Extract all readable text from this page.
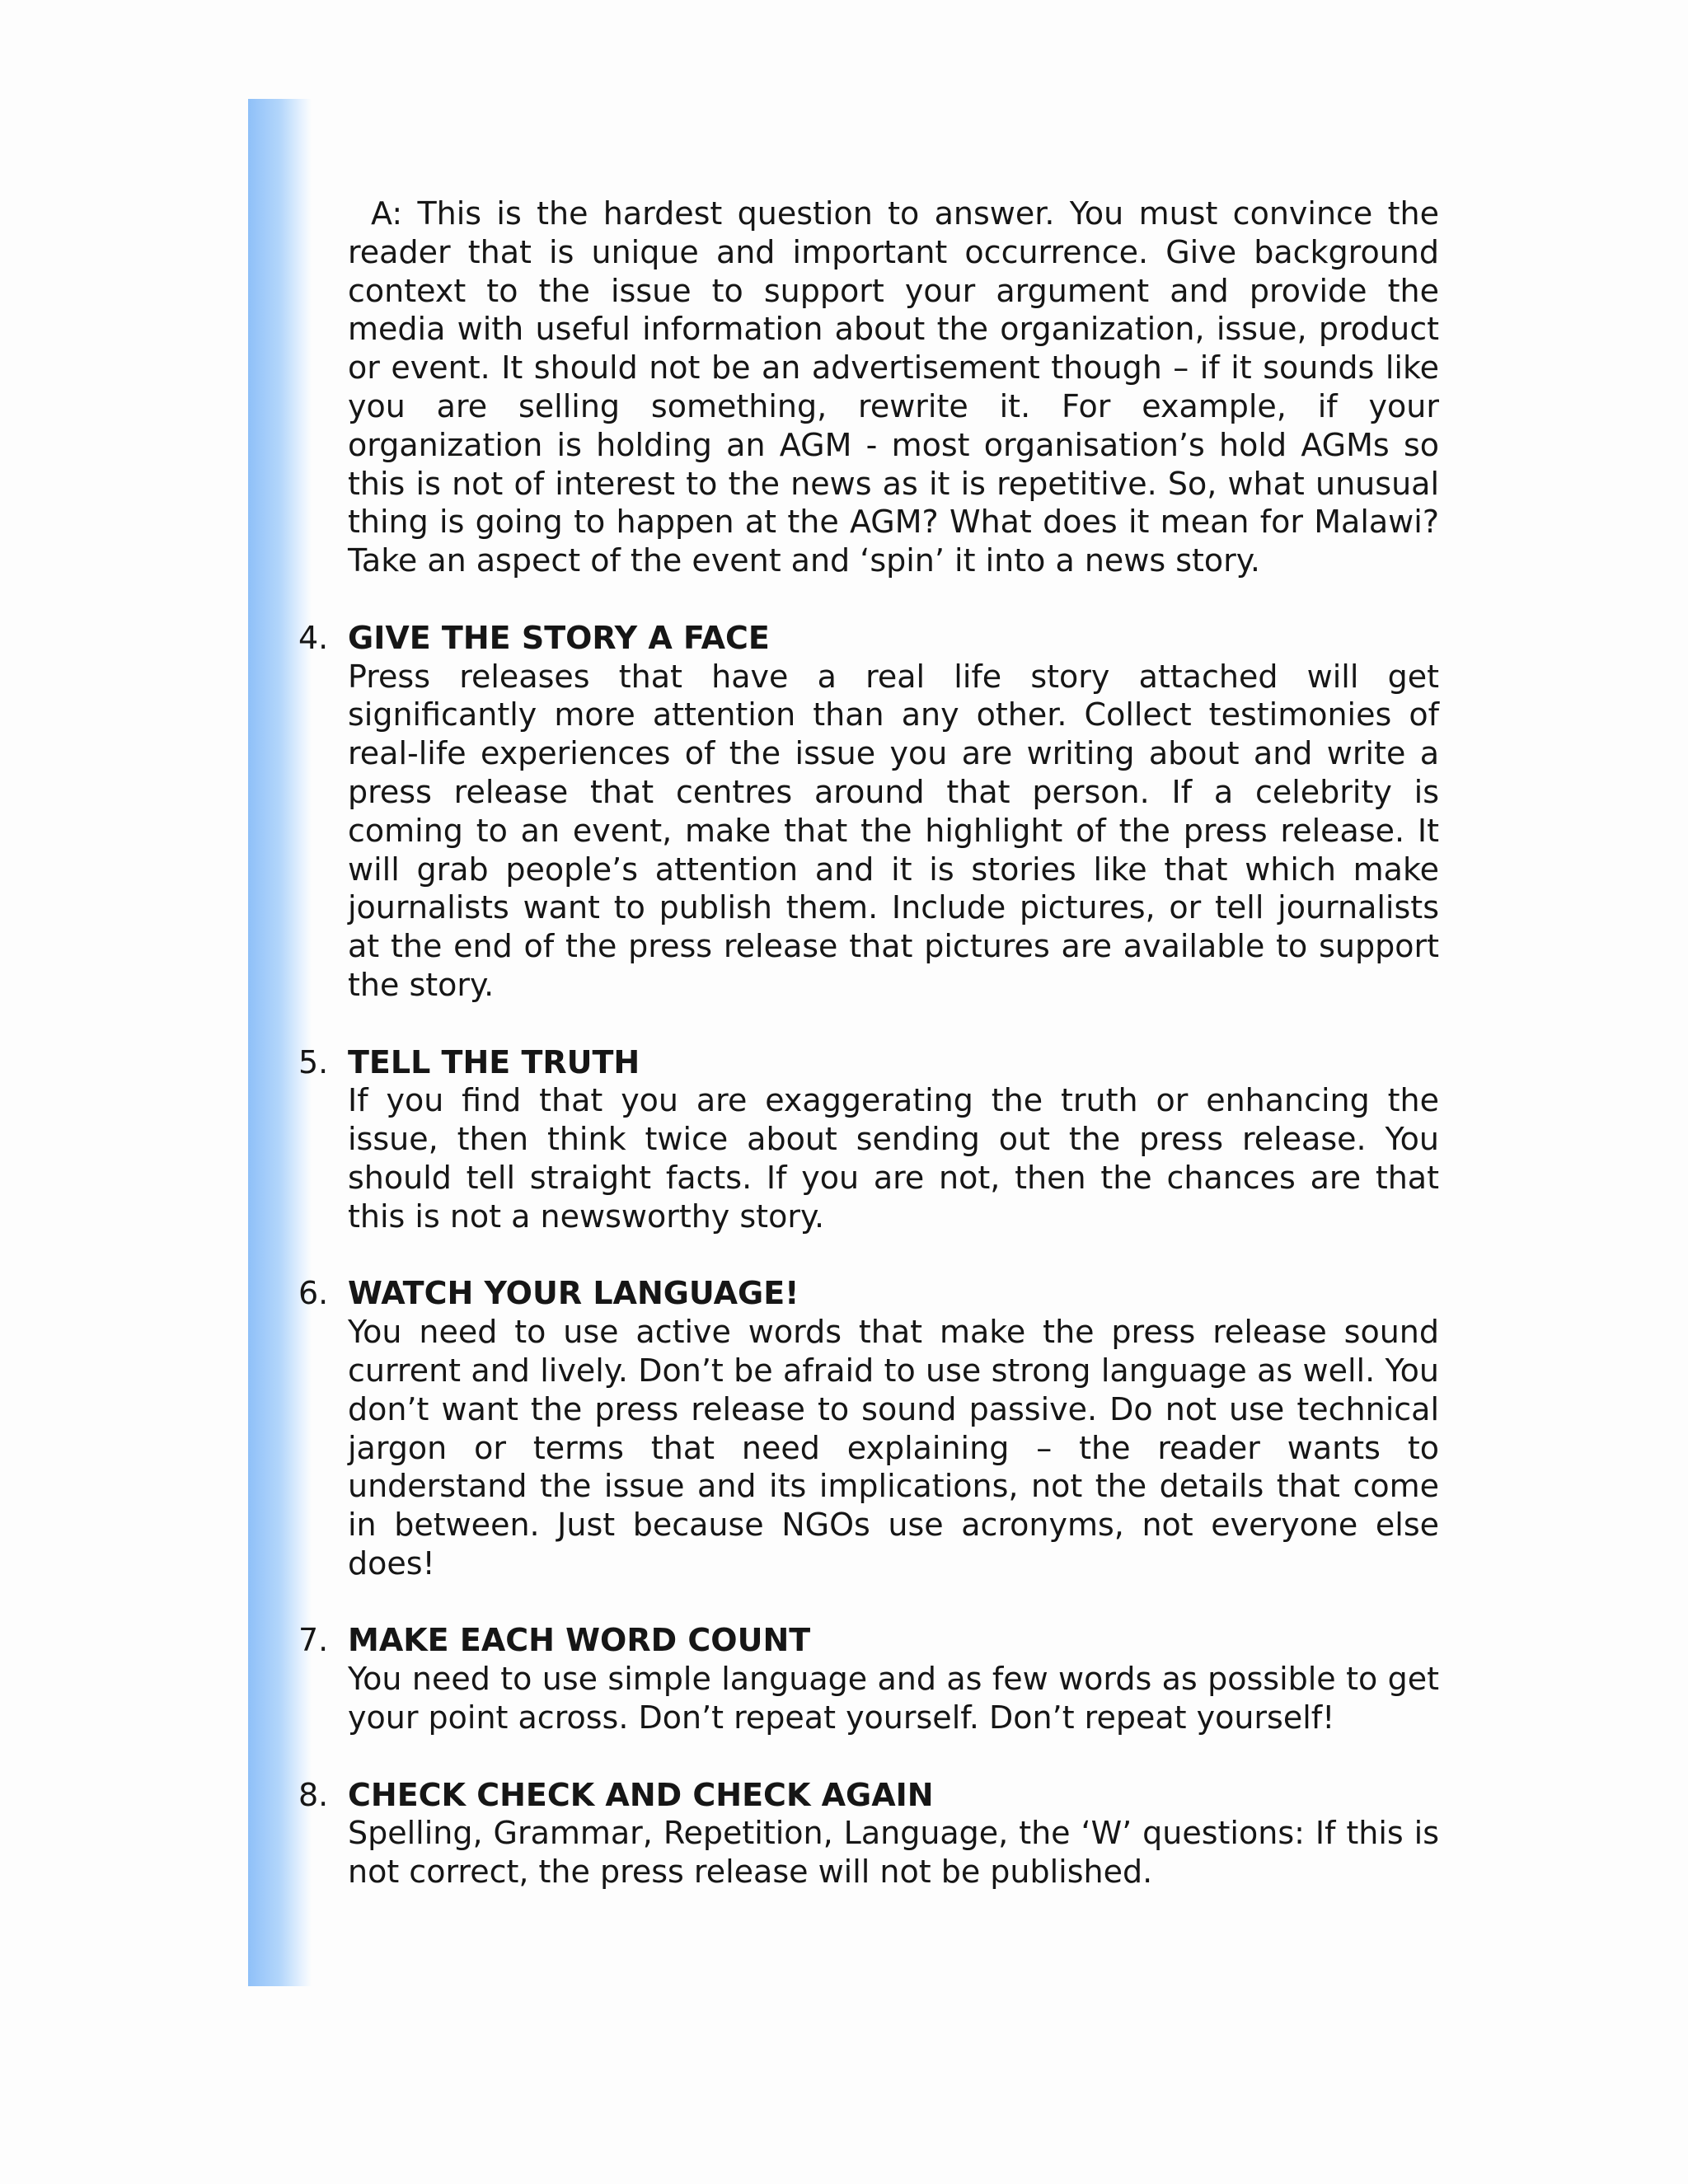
A: This is the hardest question to answer. You must convince the reader that is unique and important occurrence. Give background context to the issue to support your argument and provide the media with useful information about the organization, issue, product or event. It should not be an advertisement though – if it sounds like you are selling something, rewrite it. For example, if your organization is holding an AGM - most organisation’s hold AGMs so this is not of interest to the news as it is repetitive. So, what unusual thing is going to happen at the AGM? What does it mean for Malawi? Take an aspect of the event and ‘spin’ it into a news story.

4. GIVE THE STORY A FACE

Press releases that have a real life story attached will get significantly more attention than any other. Collect testimonies of real-life experiences of the issue you are writing about and write a press release that centres around that person. If a celebrity is coming to an event, make that the highlight of the press release. It will grab people’s attention and it is stories like that which make journalists want to publish them. Include pictures, or tell journalists at the end of the press release that pictures are available to support the story.

5. TELL THE TRUTH

If you find that you are exaggerating the truth or enhancing the issue, then think twice about sending out the press release. You should tell straight facts. If you are not, then the chances are that this is not a newsworthy story.

6. WATCH YOUR LANGUAGE!

You need to use active words that make the press release sound current and lively. Don’t be afraid to use strong language as well. You don’t want the press release to sound passive. Do not use technical jargon or terms that need explaining – the reader wants to understand the issue and its implications, not the details that come in between. Just because NGOs use acronyms, not everyone else does!

7. MAKE EACH WORD COUNT

You need to use simple language and as few words as possible to get your point across. Don’t repeat yourself. Don’t repeat yourself!

8. CHECK CHECK AND CHECK AGAIN

Spelling, Grammar, Repetition, Language, the ‘W’ questions: If this is not correct, the press release will not be published.
